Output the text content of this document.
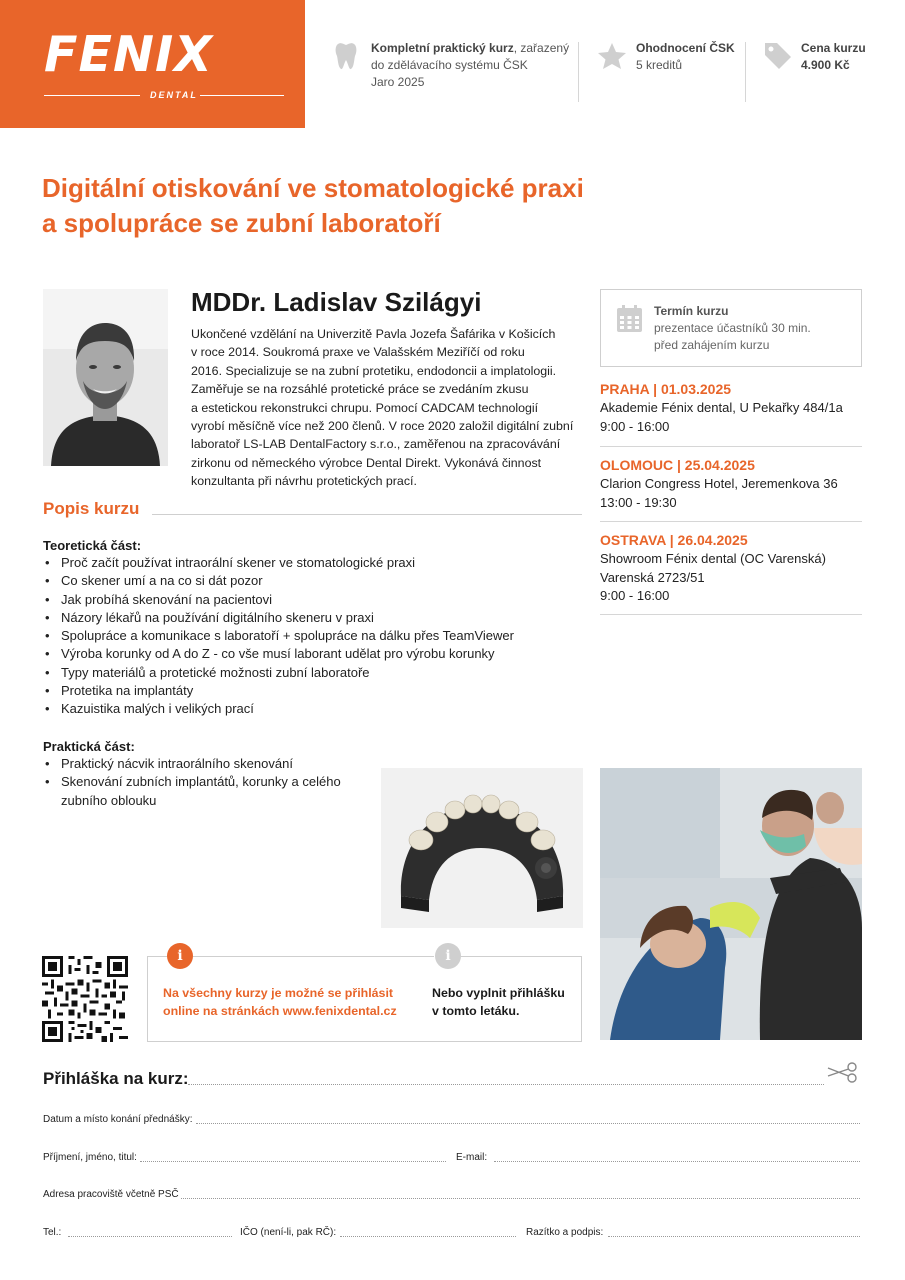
FENIX
DENTAL
Kompletní praktický kurz, zařazený do zdělávacího systému ČSK
Jaro 2025
Ohodnocení ČSK
5 kreditů
Cena kurzu
4.900 Kč
Digitální otiskování ve stomatologické praxi
a spolupráce se zubní laboratoří
MDDr. Ladislav Szilágyi
Ukončené vzdělání na Univerzitě Pavla Jozefa Šafárika v Košicích
v roce 2014. Soukromá praxe ve Valašském Meziříčí od roku
2016. Specializuje se na zubní protetiku, endodoncii a implatologii.
Zaměřuje se na rozsáhlé protetické práce se zvedáním zkusu
a estetickou rekonstrukci chrupu. Pomocí CADCAM technologií
vyrobí měsíčně více než 200 členů. V roce 2020 založil digitální zubní
laboratoř LS-LAB DentalFactory s.r.o., zaměřenou na zpracovávání
zirkonu od německého výrobce Dental Direkt. Vykonává činnost
konzultanta při návrhu protetických prací.
Termín kurzu
prezentace účastníků 30 min.
před zahájením kurzu
PRAHA | 01.03.2025
Akademie Fénix dental, U Pekařky 484/1a
9:00 - 16:00
OLOMOUC | 25.04.2025
Clarion Congress Hotel, Jeremenkova 36
13:00 - 19:30
OSTRAVA | 26.04.2025
Showroom Fénix dental (OC Varenská)
Varenská 2723/51
9:00 - 16:00
Popis kurzu
Teoretická část:
• Proč začít používat intraorální skener ve stomatologické praxi
• Co skener umí a na co si dát pozor
• Jak probíhá skenování na pacientovi
• Názory lékařů na používání digitálního skeneru v praxi
• Spolupráce a komunikace s laboratoří + spolupráce na dálku přes TeamViewer
• Výroba korunky od A do Z - co vše musí laborant udělat pro výrobu korunky
• Typy materiálů a protetické možnosti zubní laboratoře
• Protetika na implantáty
• Kazuistika malých i velikých prací
Praktická část:
• Praktický nácvik intraorálního skenování
• Skenování zubních implantátů, korunky a celého zubního oblouku
i	i
Na všechny kurzy je možné se přihlásit
online na stránkách www.fenixdental.cz
Nebo vyplnit přihlášku
v tomto letáku.
Přihláška na kurz:
Datum a místo konání přednášky:
Příjmení, jméno, titul:	E-mail:
Adresa pracoviště včetně PSČ
Tel.:	IČO (není-li, pak RČ):	Razítko a podpis:
